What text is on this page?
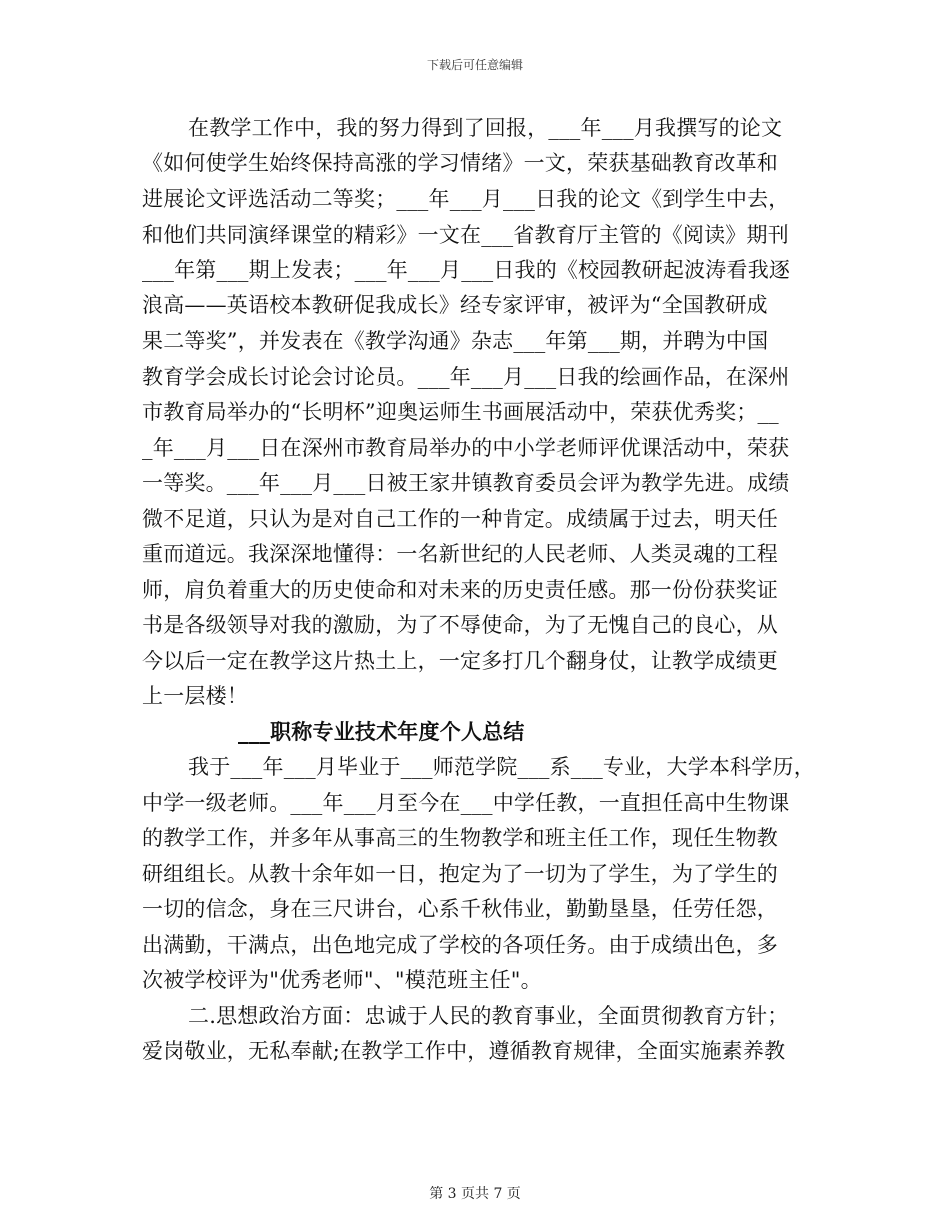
下载后可任意编辑
在教学工作中，我的努力得到了回报，___年___月我撰写的论文
《如何使学生始终保持高涨的学习情绪》一文，荣获基础教育改革和
进展论文评选活动二等奖；___年___月___日我的论文《到学生中去，
和他们共同演绎课堂的精彩》一文在___省教育厅主管的《阅读》期刊
___年第___期上发表；___年___月___日我的《校园教研起波涛看我逐
浪高——英语校本教研促我成长》经专家评审，被评为“全国教研成
果二等奖”，并发表在《教学沟通》杂志___年第___期，并聘为中国
教育学会成长讨论会讨论员。___年___月___日我的绘画作品，在深州
市教育局举办的“长明杯”迎奥运师生书画展活动中，荣获优秀奖；__
_年___月___日在深州市教育局举办的中小学老师评优课活动中，荣获
一等奖。___年___月___日被王家井镇教育委员会评为教学先进。成绩
微不足道，只认为是对自己工作的一种肯定。成绩属于过去，明天任
重而道远。我深深地懂得：一名新世纪的人民老师、人类灵魂的工程
师，肩负着重大的历史使命和对未来的历史责任感。那一份份获奖证
书是各级领导对我的激励，为了不辱使命，为了无愧自己的良心，从
今以后一定在教学这片热土上，一定多打几个翻身仗，让教学成绩更
上一层楼！
___职称专业技术年度个人总结
我于___年___月毕业于___师范学院___系___专业，大学本科学历，
中学一级老师。___年___月至今在___中学任教，一直担任高中生物课
的教学工作，并多年从事高三的生物教学和班主任工作，现任生物教
研组组长。从教十余年如一日，抱定为了一切为了学生，为了学生的
一切的信念，身在三尺讲台，心系千秋伟业，勤勤垦垦，任劳任怨，
出满勤，干满点，出色地完成了学校的各项任务。由于成绩出色，多
次被学校评为"优秀老师"、"模范班主任"。
二.思想政治方面：忠诚于人民的教育事业，全面贯彻教育方针；
爱岗敬业，无私奉献;在教学工作中，遵循教育规律，全面实施素养教
第 3 页共 7 页
